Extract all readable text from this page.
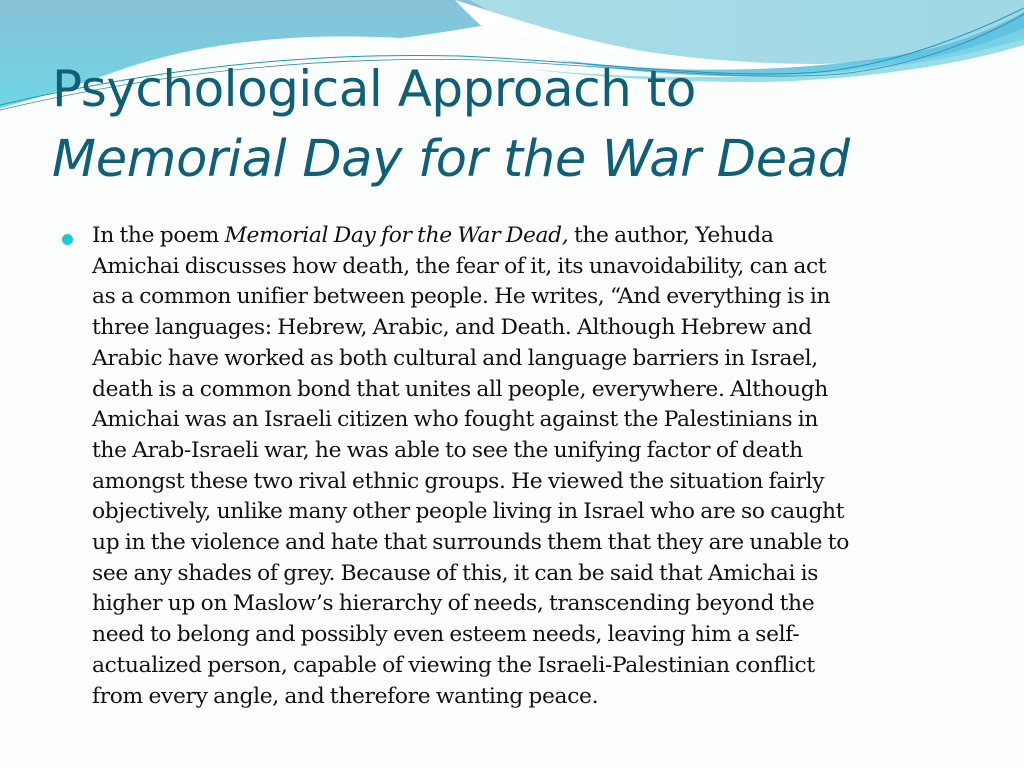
Psychological Approach to
Memorial Day for the War Dead
In the poem Memorial Day for the War Dead, the author, Yehuda
Amichai discusses how death, the fear of it, its unavoidability, can act
as a common unifier between people. He writes, “And everything is in
three languages: Hebrew, Arabic, and Death. Although Hebrew and
Arabic have worked as both cultural and language barriers in Israel,
death is a common bond that unites all people, everywhere. Although
Amichai was an Israeli citizen who fought against the Palestinians in
the Arab-Israeli war, he was able to see the unifying factor of death
amongst these two rival ethnic groups. He viewed the situation fairly
objectively, unlike many other people living in Israel who are so caught
up in the violence and hate that surrounds them that they are unable to
see any shades of grey. Because of this, it can be said that Amichai is
higher up on Maslow’s hierarchy of needs, transcending beyond the
need to belong and possibly even esteem needs, leaving him a self-
actualized person, capable of viewing the Israeli-Palestinian conflict
from every angle, and therefore wanting peace.
